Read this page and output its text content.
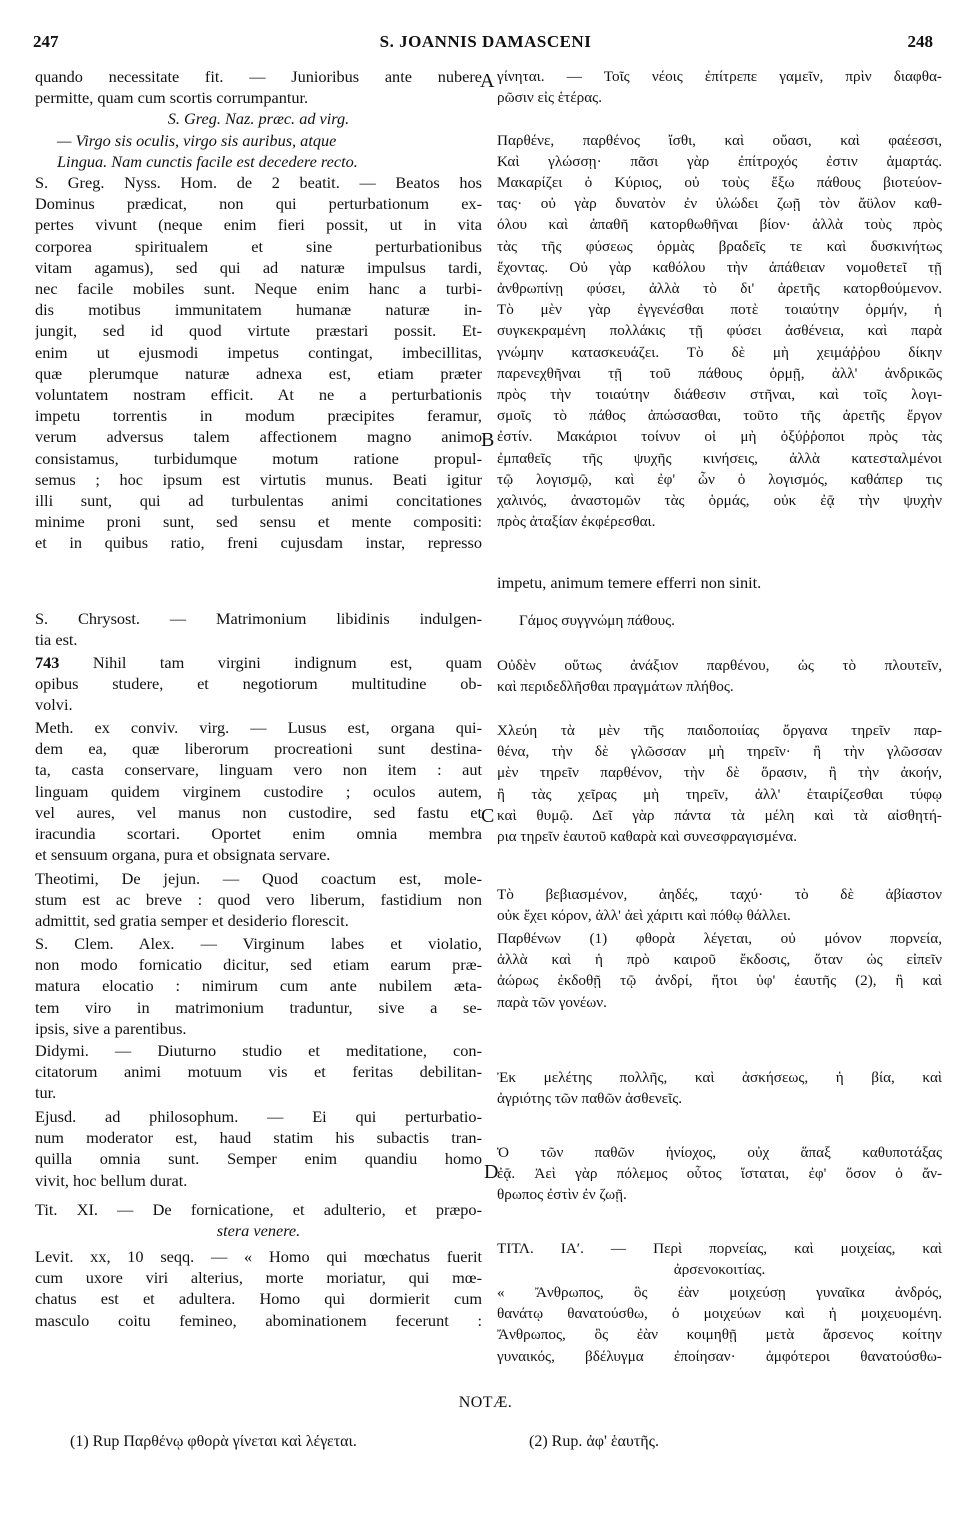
247	S. JOANNIS DAMASCENI	248
A
B
C
D
quando necessitate fit. — Junioribus ante nubere
permitte, quam cum scortis corrumpantur.
S. Greg. Naz. præc. ad virg.
— Virgo sis oculis, virgo sis auribus, atque
Lingua. Nam cunctis facile est decedere recto.
S. Greg. Nyss. Hom. de 2 beatit. — Beatos hos
Dominus prædicat, non qui perturbationum ex-
pertes vivunt (neque enim fieri possit, ut in vita
corporea spiritualem et sine perturbationibus
vitam agamus), sed qui ad naturæ impulsus tardi,
nec facile mobiles sunt. Neque enim hanc a turbi-
dis motibus immunitatem humanæ naturæ in-
jungit, sed id quod virtute præstari possit. Et-
enim ut ejusmodi impetus contingat, imbecillitas,
quæ plerumque naturæ adnexa est, etiam præter
voluntatem nostram efficit. At ne a perturbationis
impetu torrentis in modum præcipites feramur,
verum adversus talem affectionem magno animo
consistamus, turbidumque motum ratione propul-
semus ; hoc ipsum est virtutis munus. Beati igitur
illi sunt, qui ad turbulentas animi concitationes
minime proni sunt, sed sensu et mente compositi:
et in quibus ratio, freni cujusdam instar, represso
S. Chrysost. — Matrimonium libidinis indulgen-
tia est.
743 Nihil tam virgini indignum est, quam
opibus studere, et negotiorum multitudine ob-
volvi.
Meth. ex conviv. virg. — Lusus est, organa qui-
dem ea, quæ liberorum procreationi sunt destina-
ta, casta conservare, linguam vero non item : aut
linguam quidem virginem custodire ; oculos autem,
vel aures, vel manus non custodire, sed fastu et
iracundia scortari. Oportet enim omnia membra
et sensuum organa, pura et obsignata servare.
Theotimi, De jejun. — Quod coactum est, mole-
stum est ac breve : quod vero liberum, fastidium non
admittit, sed gratia semper et desiderio florescit.
S. Clem. Alex. — Virginum labes et violatio,
non modo fornicatio dicitur, sed etiam earum præ-
matura elocatio : nimirum cum ante nubilem æta-
tem viro in matrimonium traduntur, sive a se-
ipsis, sive a parentibus.
Didymi. — Diuturno studio et meditatione, con-
citatorum animi motuum vis et feritas debilitan-
tur.
Ejusd. ad philosophum. — Ei qui perturbatio-
num moderator est, haud statim his subactis tran-
quilla omnia sunt. Semper enim quandiu homo
vivit, hoc bellum durat.
Tit. XI. — De fornicatione, et adulterio, et præpo-
stera venere.
Levit. xx, 10 seqq. — « Homo qui mœchatus fuerit
cum uxore viri alterius, morte moriatur, qui mœ-
chatus est et adultera. Homo qui dormierit cum
masculo coitu femineo, abominationem fecerunt :
γίνηται. — Τοῖς νέοις ἐπίτρεπε γαμεῖν, πρὶν διαφθα-
ρῶσιν εἰς ἑτέρας.
Παρθένε, παρθένος ἴσθι, καὶ οὔασι, καὶ φαέεσσι,
Καὶ γλώσσῃ· πᾶσι γὰρ ἐπίτροχός ἐστιν ἁμαρτάς.
Μακαρίζει ὁ Κύριος, οὐ τοὺς ἔξω πάθους βιοτεύον-
τας· οὐ γὰρ δυνατὸν ἐν ὑλώδει ζωῇ τὸν ἄϋλον καθ-
όλου καὶ ἀπαθῆ κατορθωθῆναι βίον· ἀλλὰ τοὺς πρὸς
τὰς τῆς φύσεως ὁρμὰς βραδεῖς τε καὶ δυσκινήτως
ἔχοντας. Οὐ γὰρ καθόλου τὴν ἀπάθειαν νομοθετεῖ τῇ
ἀνθρωπίνῃ φύσει, ἀλλὰ τὸ δι' ἀρετῆς κατορθούμενον.
Τὸ μὲν γὰρ ἐγγενέσθαι ποτὲ τοιαύτην ὁρμήν, ἡ
συγκεκραμένη πολλάκις τῇ φύσει ἀσθένεια, καὶ παρὰ
γνώμην κατασκευάζει. Τὸ δὲ μὴ χειμάῤῥου δίκην
παρενεχθῆναι τῇ τοῦ πάθους ὁρμῇ, ἀλλ' ἀνδρικῶς
πρὸς τὴν τοιαύτην διάθεσιν στῆναι, καὶ τοῖς λογι-
σμοῖς τὸ πάθος ἀπώσασθαι, τοῦτο τῆς ἀρετῆς ἔργον
ἐστίν. Μακάριοι τοίνυν οἱ μὴ ὀξύῤῥοποι πρὸς τὰς
ἐμπαθεῖς τῆς ψυχῆς κινήσεις, ἀλλὰ κατεσταλμένοι
τῷ λογισμῷ, καὶ ἐφ' ὧν ὁ λογισμός, καθάπερ τις
χαλινός, ἀναστομῶν τὰς ὁρμάς, οὐκ ἐᾷ τὴν ψυχὴν
πρὸς ἀταξίαν ἐκφέρεσθαι.
impetu, animum temere efferri non sinit.
Γάμος συγγνώμη πάθους.
Οὐδὲν οὕτως ἀνάξιον παρθένου, ὡς τὸ πλουτεῖν,
καὶ περιδεδλῆσθαι πραγμάτων πλήθος.
Χλεύη τὰ μὲν τῆς παιδοποιίας ὄργανα τηρεῖν παρ-
θένα, τὴν δὲ γλῶσσαν μὴ τηρεῖν· ἢ τὴν γλῶσσαν
μὲν τηρεῖν παρθένον, τὴν δὲ ὅρασιν, ἢ τὴν ἀκοήν,
ἢ τὰς χεῖρας μὴ τηρεῖν, ἀλλ' ἑταιρίζεσθαι τύφῳ
καὶ θυμῷ. Δεῖ γὰρ πάντα τὰ μέλη καὶ τὰ αἰσθητή-
ρια τηρεῖν ἑαυτοῦ καθαρὰ καὶ συνεσφραγισμένα.
Τὸ βεβιασμένον, ἀηδές, ταχύ· τὸ δὲ ἀβίαστον
οὐκ ἔχει κόρον, ἀλλ' ἀεὶ χάριτι καὶ πόθῳ θάλλει.
Παρθένων (1) φθορὰ λέγεται, οὐ μόνον πορνεία,
ἀλλὰ καὶ ἡ πρὸ καιροῦ ἔκδοσις, ὅταν ὡς εἰπεῖν
ἀώρως ἐκδοθῇ τῷ ἀνδρί, ἤτοι ὑφ' ἑαυτῆς (2), ἢ καὶ
παρὰ τῶν γονέων.
Ἐκ μελέτης πολλῆς, καὶ ἀσκήσεως, ἡ βία, καὶ
ἀγριότης τῶν παθῶν ἀσθενεῖς.
Ὁ τῶν παθῶν ἡνίοχος, οὐχ ἅπαξ καθυποτάξας
ἐᾷ. Ἀεὶ γὰρ πόλεμος οὗτος ἵσταται, ἐφ' ὅσον ὁ ἄν-
θρωπος ἐστὶν ἐν ζωῇ.
ΤΙΤΛ. ΙΑʹ. — Περὶ πορνείας, καὶ μοιχείας, καὶ
ἀρσενοκοιτίας.
« Ἄνθρωπος, ὃς ἐὰν μοιχεύσῃ γυναῖκα ἀνδρός,
θανάτῳ θανατούσθω, ὁ μοιχεύων καὶ ἡ μοιχευομένη.
Ἄνθρωπος, ὃς ἐὰν κοιμηθῇ μετὰ ἄρσενος κοίτην
γυναικός, βδέλυγμα ἐποίησαν· ἀμφότεροι θανατούσθω-
NOTÆ.
(1) Rup Παρθένῳ φθορὰ γίνεται καὶ λέγεται.	(2) Rup. ἀφ' ἑαυτῆς.
